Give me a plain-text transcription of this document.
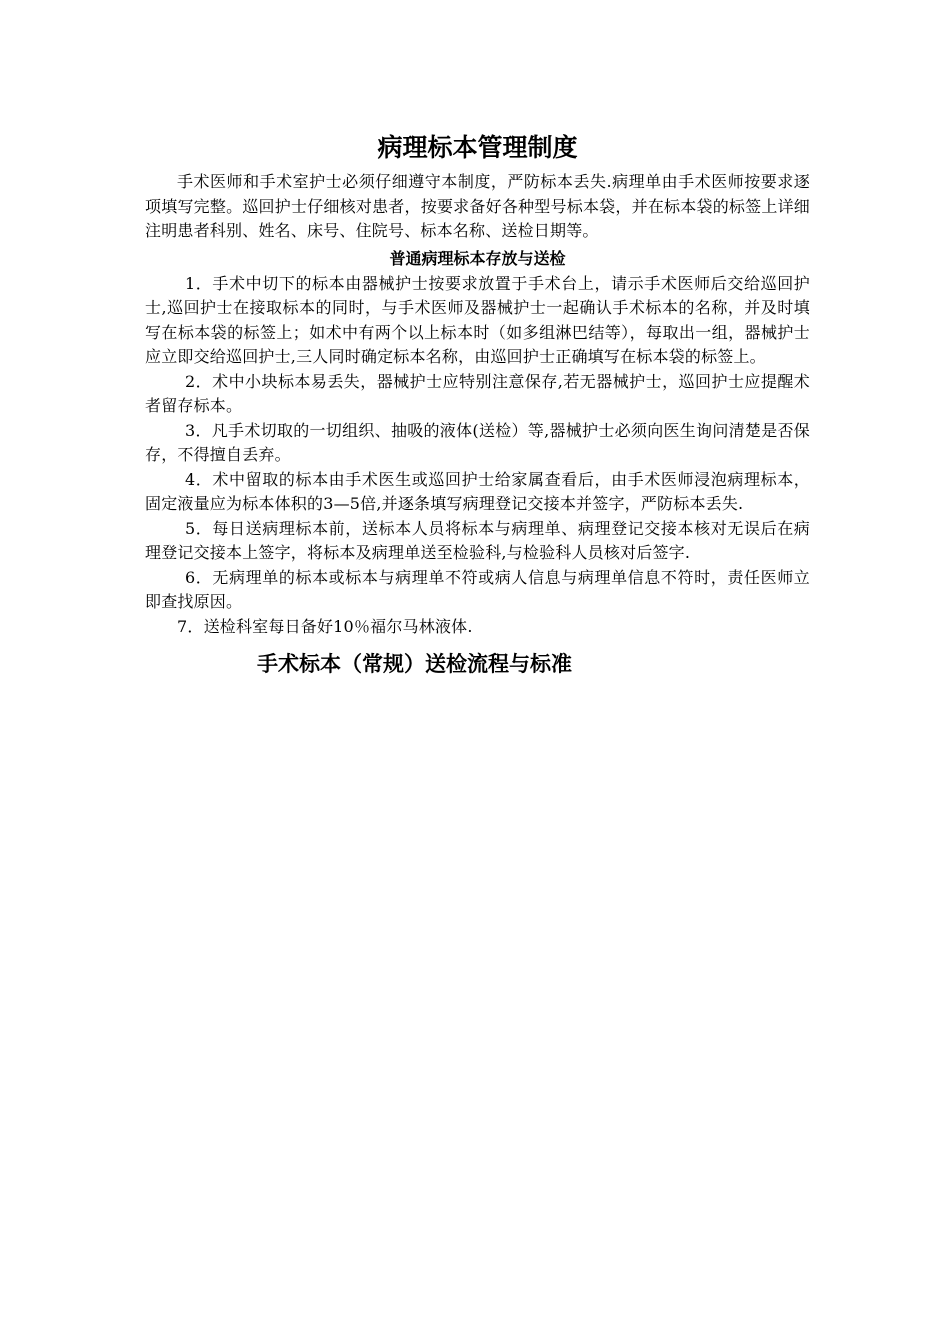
病理标本管理制度

手术医师和手术室护士必须仔细遵守本制度，严防标本丢失.病理单由手术医师按要求逐项填写完整。巡回护士仔细核对患者，按要求备好各种型号标本袋，并在标本袋的标签上详细注明患者科别、姓名、床号、住院号、标本名称、送检日期等。

普通病理标本存放与送检

1．手术中切下的标本由器械护士按要求放置于手术台上，请示手术医师后交给巡回护士,巡回护士在接取标本的同时，与手术医师及器械护士一起确认手术标本的名称，并及时填写在标本袋的标签上；如术中有两个以上标本时（如多组淋巴结等），每取出一组，器械护士应立即交给巡回护士,三人同时确定标本名称，由巡回护士正确填写在标本袋的标签上。

2．术中小块标本易丢失，器械护士应特别注意保存,若无器械护士，巡回护士应提醒术者留存标本。

3．凡手术切取的一切组织、抽吸的液体(送检）等,器械护士必须向医生询问清楚是否保存，不得擅自丢弃。

4．术中留取的标本由手术医生或巡回护士给家属查看后，由手术医师浸泡病理标本，固定液量应为标本体积的3—5倍,并逐条填写病理登记交接本并签字，严防标本丢失.

5．每日送病理标本前，送标本人员将标本与病理单、病理登记交接本核对无误后在病理登记交接本上签字，将标本及病理单送至检验科,与检验科人员核对后签字.

6．无病理单的标本或标本与病理单不符或病人信息与病理单信息不符时，责任医师立即查找原因。

7．送检科室每日备好10％福尔马林液体.

手术标本（常规）送检流程与标准
